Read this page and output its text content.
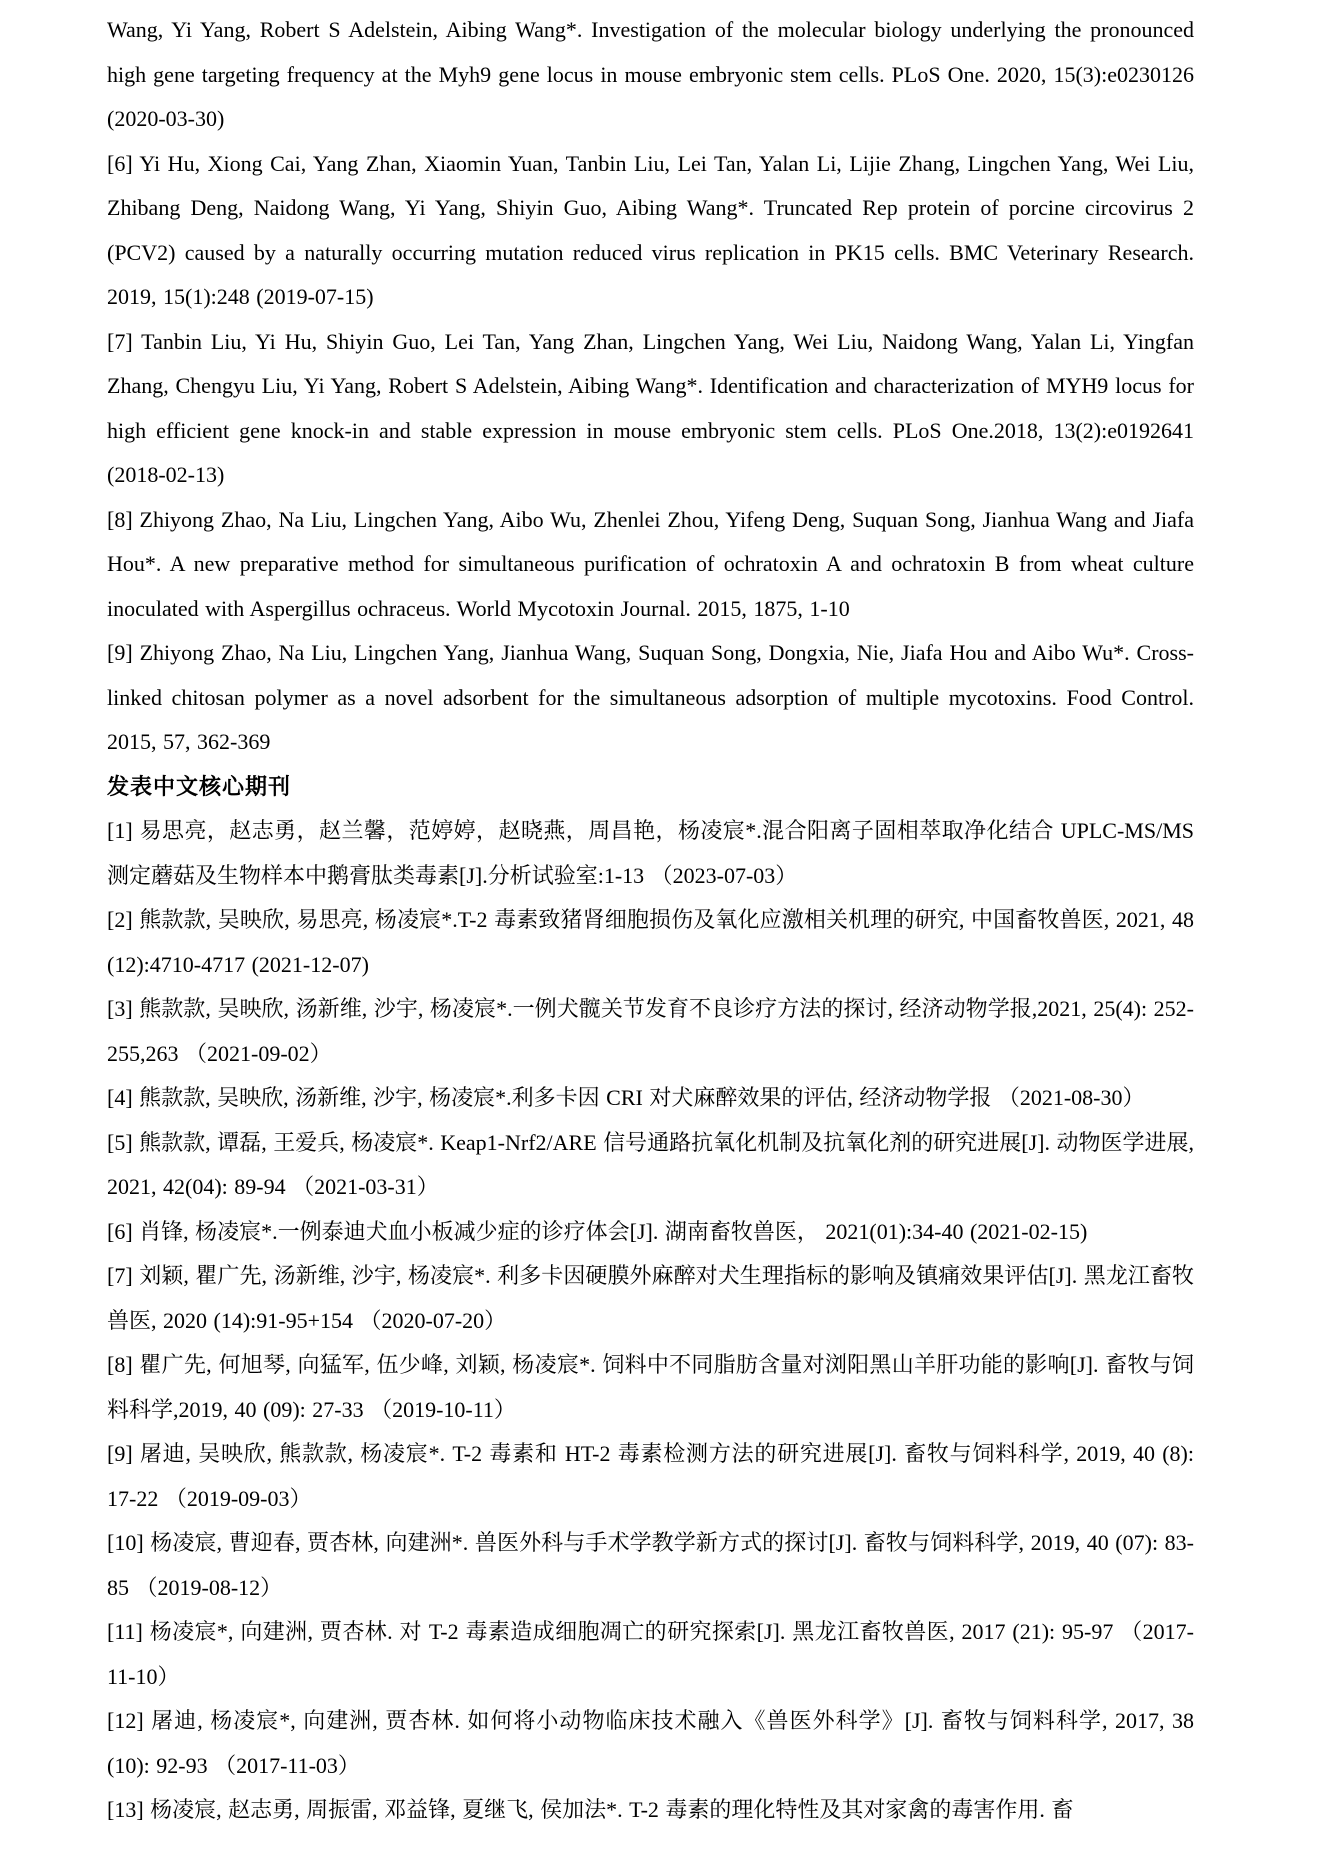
Wang, Yi Yang, Robert S Adelstein, Aibing Wang*. Investigation of the molecular biology underlying the pronounced high gene targeting frequency at the Myh9 gene locus in mouse embryonic stem cells. PLoS One. 2020, 15(3):e0230126 (2020-03-30)

[6] Yi Hu, Xiong Cai, Yang Zhan, Xiaomin Yuan, Tanbin Liu, Lei Tan, Yalan Li, Lijie Zhang, Lingchen Yang, Wei Liu, Zhibang Deng, Naidong Wang, Yi Yang, Shiyin Guo, Aibing Wang*. Truncated Rep protein of porcine circovirus 2 (PCV2) caused by a naturally occurring mutation reduced virus replication in PK15 cells. BMC Veterinary Research. 2019, 15(1):248 (2019-07-15)

[7] Tanbin Liu, Yi Hu, Shiyin Guo, Lei Tan, Yang Zhan, Lingchen Yang, Wei Liu, Naidong Wang, Yalan Li, Yingfan Zhang, Chengyu Liu, Yi Yang, Robert S Adelstein, Aibing Wang*. Identification and characterization of MYH9 locus for high efficient gene knock-in and stable expression in mouse embryonic stem cells. PLoS One.2018, 13(2):e0192641 (2018-02-13)

[8] Zhiyong Zhao, Na Liu, Lingchen Yang, Aibo Wu, Zhenlei Zhou, Yifeng Deng, Suquan Song, Jianhua Wang and Jiafa Hou*. A new preparative method for simultaneous purification of ochratoxin A and ochratoxin B from wheat culture inoculated with Aspergillus ochraceus. World Mycotoxin Journal. 2015, 1875, 1-10

[9] Zhiyong Zhao, Na Liu, Lingchen Yang, Jianhua Wang, Suquan Song, Dongxia, Nie, Jiafa Hou and Aibo Wu*. Cross-linked chitosan polymer as a novel adsorbent for the simultaneous adsorption of multiple mycotoxins. Food Control. 2015, 57, 362-369

发表中文核心期刊

[1] 易思亮，赵志勇，赵兰馨，范婷婷，赵晓燕，周昌艳，杨凌宸*.混合阳离子固相萃取净化结合 UPLC-MS/MS 测定蘑菇及生物样本中鹅膏肽类毒素[J].分析试验室:1-13 （2023-07-03）

[2] 熊款款, 吴映欣, 易思亮, 杨凌宸*.T-2 毒素致猪肾细胞损伤及氧化应激相关机理的研究, 中国畜牧兽医, 2021, 48 (12):4710-4717 (2021-12-07)

[3] 熊款款, 吴映欣, 汤新维, 沙宇, 杨凌宸*.一例犬髋关节发育不良诊疗方法的探讨, 经济动物学报,2021, 25(4): 252-255,263 （2021-09-02）

[4] 熊款款, 吴映欣, 汤新维, 沙宇, 杨凌宸*.利多卡因 CRI 对犬麻醉效果的评估, 经济动物学报 （2021-08-30）

[5] 熊款款, 谭磊, 王爱兵, 杨凌宸*. Keap1-Nrf2/ARE 信号通路抗氧化机制及抗氧化剂的研究进展[J]. 动物医学进展, 2021, 42(04): 89-94 （2021-03-31）

[6] 肖锋, 杨凌宸*.一例泰迪犬血小板减少症的诊疗体会[J]. 湖南畜牧兽医， 2021(01):34-40 (2021-02-15)

[7] 刘颖, 瞿广先, 汤新维, 沙宇, 杨凌宸*. 利多卡因硬膜外麻醉对犬生理指标的影响及镇痛效果评估[J]. 黑龙江畜牧兽医, 2020 (14):91-95+154 （2020-07-20）

[8] 瞿广先, 何旭琴, 向猛军, 伍少峰, 刘颖, 杨凌宸*. 饲料中不同脂肪含量对浏阳黑山羊肝功能的影响[J]. 畜牧与饲料科学,2019, 40 (09): 27-33 （2019-10-11）

[9] 屠迪, 吴映欣, 熊款款, 杨凌宸*. T-2 毒素和 HT-2 毒素检测方法的研究进展[J]. 畜牧与饲料科学, 2019, 40 (8): 17-22 （2019-09-03）

[10] 杨凌宸, 曹迎春, 贾杏林, 向建洲*. 兽医外科与手术学教学新方式的探讨[J]. 畜牧与饲料科学, 2019, 40 (07): 83-85 （2019-08-12）

[11] 杨凌宸*, 向建洲, 贾杏林. 对 T-2 毒素造成细胞凋亡的研究探索[J]. 黑龙江畜牧兽医, 2017 (21): 95-97 （2017-11-10）

[12] 屠迪, 杨凌宸*, 向建洲, 贾杏林. 如何将小动物临床技术融入《兽医外科学》[J]. 畜牧与饲料科学, 2017, 38 (10): 92-93 （2017-11-03）

[13] 杨凌宸, 赵志勇, 周振雷, 邓益锋, 夏继飞, 侯加法*. T-2 毒素的理化特性及其对家禽的毒害作用. 畜
